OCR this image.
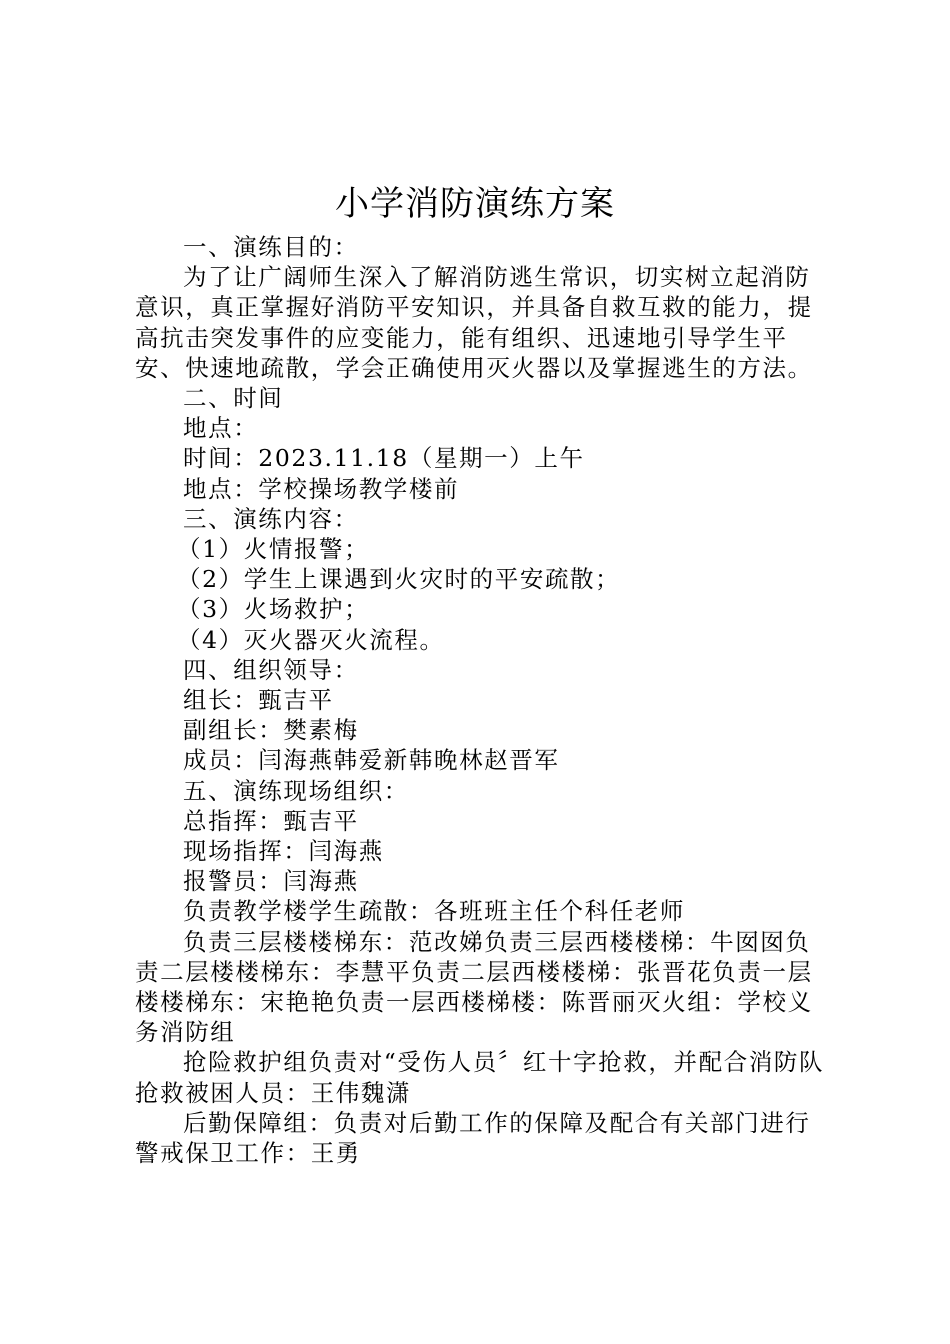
小学消防演练方案

一、演练目的：

为了让广阔师生深入了解消防逃生常识，切实树立起消防意识，真正掌握好消防平安知识，并具备自救互救的能力，提高抗击突发事件的应变能力，能有组织、迅速地引导学生平安、快速地疏散，学会正确使用灭火器以及掌握逃生的方法。

二、时间

地点：

时间：2023.11.18（星期一）上午

地点：学校操场教学楼前

三、演练内容：

（1）火情报警；

（2）学生上课遇到火灾时的平安疏散；

（3）火场救护；

（4）灭火器灭火流程。

四、组织领导：

组长：甄吉平

副组长：樊素梅

成员：闫海燕韩爱新韩晚林赵晋军

五、演练现场组织：

总指挥：甄吉平

现场指挥：闫海燕

报警员：闫海燕

负责教学楼学生疏散：各班班主任个科任老师

负责三层楼楼梯东：范改娣负责三层西楼楼梯：牛囡囡负责二层楼楼梯东：李慧平负责二层西楼楼梯：张晋花负责一层楼楼梯东：宋艳艳负责一层西楼梯楼：陈晋丽灭火组：学校义务消防组

抢险救护组负责对“受伤人员〞红十字抢救，并配合消防队抢救被困人员：王伟魏潇

后勤保障组：负责对后勤工作的保障及配合有关部门进行警戒保卫工作：王勇
